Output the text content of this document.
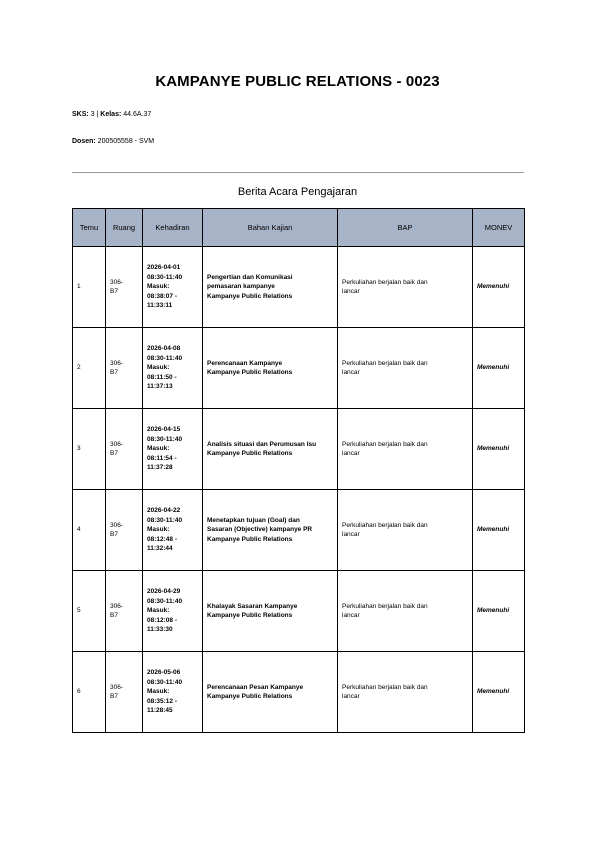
KAMPANYE PUBLIC RELATIONS - 0023
SKS: 3 | Kelas: 44.6A.37
Dosen: 200505558 - SVM
Berita Acara Pengajaran
Temu	Ruang	Kehadiran	Bahan Kajian	BAP	MONEV
1	306-
B7	2026-04-01
08:30-11:40
Masuk:
08:38:07 -
11:33:11	Pengertian dan Komunikasi
pemasaran kampanye
Kampanye Public Relations	Perkuliahan berjalan baik dan
lancar	Memenuhi
2	306-
B7	2026-04-08
08:30-11:40
Masuk:
08:11:50 -
11:37:13	Perencanaan Kampanye
Kampanye Public Relations	Perkuliahan berjalan baik dan
lancar	Memenuhi
3	306-
B7	2026-04-15
08:30-11:40
Masuk:
08:11:54 -
11:37:28	Analisis situasi dan Perumusan Isu
Kampanye Public Relations	Perkuliahan berjalan baik dan
lancar	Memenuhi
4	306-
B7	2026-04-22
08:30-11:40
Masuk:
08:12:48 -
11:32:44	Menetapkan tujuan (Goal) dan
Sasaran (Objective) kampanye PR
Kampanye Public Relations	Perkuliahan berjalan baik dan
lancar	Memenuhi
5	306-
B7	2026-04-29
08:30-11:40
Masuk:
08:12:08 -
11:33:30	Khalayak Sasaran Kampanye
Kampanye Public Relations	Perkuliahan berjalan baik dan
lancar	Memenuhi
6	306-
B7	2026-05-06
08:30-11:40
Masuk:
08:35:12 -
11:28:45	Perencanaan Pesan Kampanye
Kampanye Public Relations	Perkuliahan berjalan baik dan
lancar	Memenuhi
